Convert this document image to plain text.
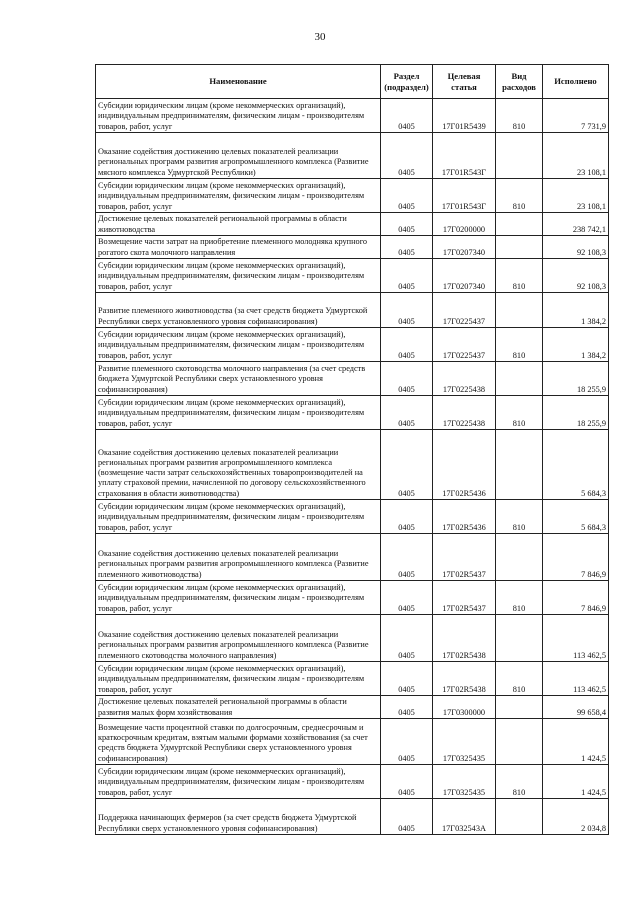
30
Наименование	Раздел (подраздел)	Целевая статья	Вид расходов	Исполнено
Субсидии юридическим лицам (кроме некоммерческих организаций), индивидуальным предпринимателям, физическим лицам - производителям товаров, работ, услуг	0405	17Г01R5439	810	7 731,9
Оказание содействия достижению целевых показателей реализации региональных программ развития агропромышленного комплекса (Развитие мясного комплекса Удмуртской Республики)	0405	17Г01R543Г		23 108,1
Субсидии юридическим лицам (кроме некоммерческих организаций), индивидуальным предпринимателям, физическим лицам - производителям товаров, работ, услуг	0405	17Г01R543Г	810	23 108,1
Достижение целевых показателей региональной программы в области животноводства	0405	17Г0200000		238 742,1
Возмещение части затрат на приобретение племенного молодняка крупного рогатого скота молочного направления	0405	17Г0207340		92 108,3
Субсидии юридическим лицам (кроме некоммерческих организаций), индивидуальным предпринимателям, физическим лицам - производителям товаров, работ, услуг	0405	17Г0207340	810	92 108,3
Развитие племенного животноводства (за счет средств бюджета Удмуртской Республики сверх установленного уровня софинансирования)	0405	17Г0225437		1 384,2
Субсидии юридическим лицам (кроме некоммерческих организаций), индивидуальным предпринимателям, физическим лицам - производителям товаров, работ, услуг	0405	17Г0225437	810	1 384,2
Развитие племенного скотоводства молочного направления (за счет средств бюджета Удмуртской Республики сверх установленного уровня софинансирования)	0405	17Г0225438		18 255,9
Субсидии юридическим лицам (кроме некоммерческих организаций), индивидуальным предпринимателям, физическим лицам - производителям товаров, работ, услуг	0405	17Г0225438	810	18 255,9
Оказание содействия достижению целевых показателей реализации региональных программ развития агропромышленного комплекса (возмещение части затрат сельскохозяйственных товаропроизводителей на уплату страховой премии, начисленной по договору сельскохозяйственного страхования в области животноводства)	0405	17Г02R5436		5 684,3
Субсидии юридическим лицам (кроме некоммерческих организаций), индивидуальным предпринимателям, физическим лицам - производителям товаров, работ, услуг	0405	17Г02R5436	810	5 684,3
Оказание содействия достижению целевых показателей реализации региональных программ развития агропромышленного комплекса (Развитие племенного животноводства)	0405	17Г02R5437		7 846,9
Субсидии юридическим лицам (кроме некоммерческих организаций), индивидуальным предпринимателям, физическим лицам - производителям товаров, работ, услуг	0405	17Г02R5437	810	7 846,9
Оказание содействия достижению целевых показателей реализации региональных программ развития агропромышленного комплекса (Развитие племенного скотоводства молочного направления)	0405	17Г02R5438		113 462,5
Субсидии юридическим лицам (кроме некоммерческих организаций), индивидуальным предпринимателям, физическим лицам - производителям товаров, работ, услуг	0405	17Г02R5438	810	113 462,5
Достижение целевых показателей региональной программы в области развития малых форм хозяйствования	0405	17Г0300000		99 658,4
Возмещение части процентной ставки по долгосрочным, среднесрочным и краткосрочным кредитам, взятым малыми формами хозяйствования (за счет средств бюджета Удмуртской Республики сверх установленного уровня софинансирования)	0405	17Г0325435		1 424,5
Субсидии юридическим лицам (кроме некоммерческих организаций), индивидуальным предпринимателям, физическим лицам - производителям товаров, работ, услуг	0405	17Г0325435	810	1 424,5
Поддержка начинающих фермеров (за счет средств бюджета Удмуртской Республики сверх установленного уровня софинансирования)	0405	17Г032543А		2 034,8
